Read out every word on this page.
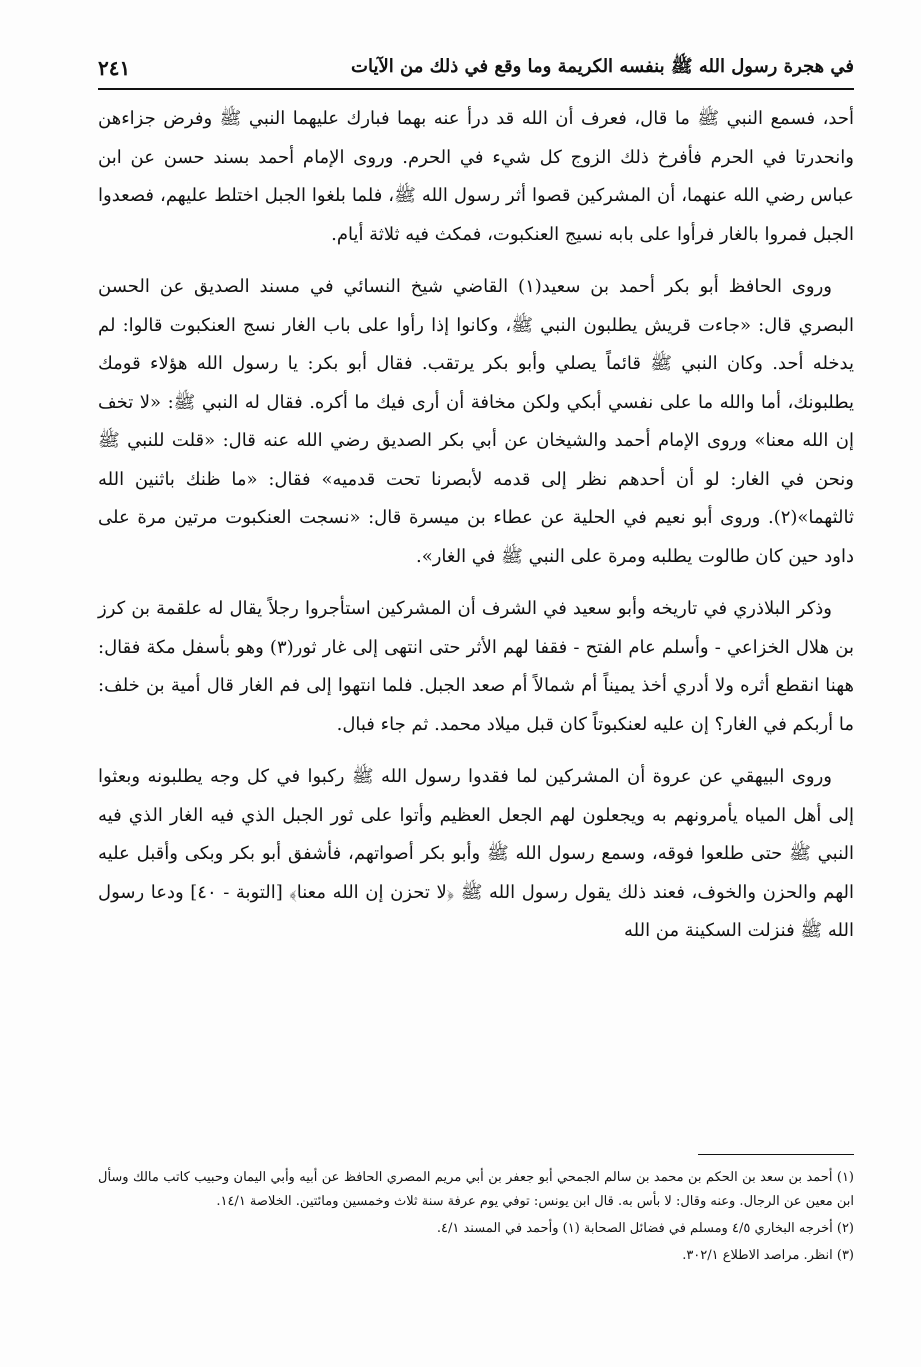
في هجرة رسول الله ﷺ بنفسه الكريمة وما وقع في ذلك من الآيات
٢٤١

أحد، فسمع النبي ﷺ ما قال، فعرف أن الله قد درأ عنه بهما فبارك عليهما النبي ﷺ وفرض جزاءهن وانحدرتا في الحرم فأفرخ ذلك الزوج كل شيء في الحرم. وروى الإمام أحمد بسند حسن عن ابن عباس رضي الله عنهما، أن المشركين قصوا أثر رسول الله ﷺ، فلما بلغوا الجبل اختلط عليهم، فصعدوا الجبل فمروا بالغار فرأوا على بابه نسيج العنكبوت، فمكث فيه ثلاثة أيام.

وروى الحافظ أبو بكر أحمد بن سعيد(١) القاضي شيخ النسائي في مسند الصديق عن الحسن البصري قال: «جاءت قريش يطلبون النبي ﷺ، وكانوا إذا رأوا على باب الغار نسج العنكبوت قالوا: لم يدخله أحد. وكان النبي ﷺ قائماً يصلي وأبو بكر يرتقب. فقال أبو بكر: يا رسول الله هؤلاء قومك يطلبونك، أما والله ما على نفسي أبكي ولكن مخافة أن أرى فيك ما أكره. فقال له النبي ﷺ: «لا تخف إن الله معنا» وروى الإمام أحمد والشيخان عن أبي بكر الصديق رضي الله عنه قال: «قلت للنبي ﷺ ونحن في الغار: لو أن أحدهم نظر إلى قدمه لأبصرنا تحت قدميه» فقال: «ما ظنك باثنين الله ثالثهما»(٢). وروى أبو نعيم في الحلية عن عطاء بن ميسرة قال: «نسجت العنكبوت مرتين مرة على داود حين كان طالوت يطلبه ومرة على النبي ﷺ في الغار».

وذكر البلاذري في تاريخه وأبو سعيد في الشرف أن المشركين استأجروا رجلاً يقال له علقمة بن كرز بن هلال الخزاعي - وأسلم عام الفتح - فقفا لهم الأثر حتى انتهى إلى غار ثور(٣) وهو بأسفل مكة فقال: ههنا انقطع أثره ولا أدري أخذ يميناً أم شمالاً أم صعد الجبل. فلما انتهوا إلى فم الغار قال أمية بن خلف: ما أربكم في الغار؟ إن عليه لعنكبوتاً كان قبل ميلاد محمد. ثم جاء فبال.

وروى البيهقي عن عروة أن المشركين لما فقدوا رسول الله ﷺ ركبوا في كل وجه يطلبونه وبعثوا إلى أهل المياه يأمرونهم به ويجعلون لهم الجعل العظيم وأتوا على ثور الجبل الذي فيه الغار الذي فيه النبي ﷺ حتى طلعوا فوقه، وسمع رسول الله ﷺ وأبو بكر أصواتهم، فأشفق أبو بكر وبكى وأقبل عليه الهم والحزن والخوف، فعند ذلك يقول رسول الله ﷺ ﴿لا تحزن إن الله معنا﴾ [التوبة - ٤٠] ودعا رسول الله ﷺ فنزلت السكينة من الله

(١) أحمد بن سعد بن الحكم بن محمد بن سالم الجمحي أبو جعفر بن أبي مريم المصري الحافظ عن أبيه وأبي اليمان وحبيب كاتب مالك وسأل ابن معين عن الرجال. وعنه وقال: لا بأس به. قال ابن يونس: توفي يوم عرفة سنة ثلاث وخمسين ومائتين. الخلاصة ١٤/١.

(٢) أخرجه البخاري ٤/٥ ومسلم في فضائل الصحابة (١) وأحمد في المسند ٤/١.

(٣) انظر. مراصد الاطلاع ٣٠٢/١.
